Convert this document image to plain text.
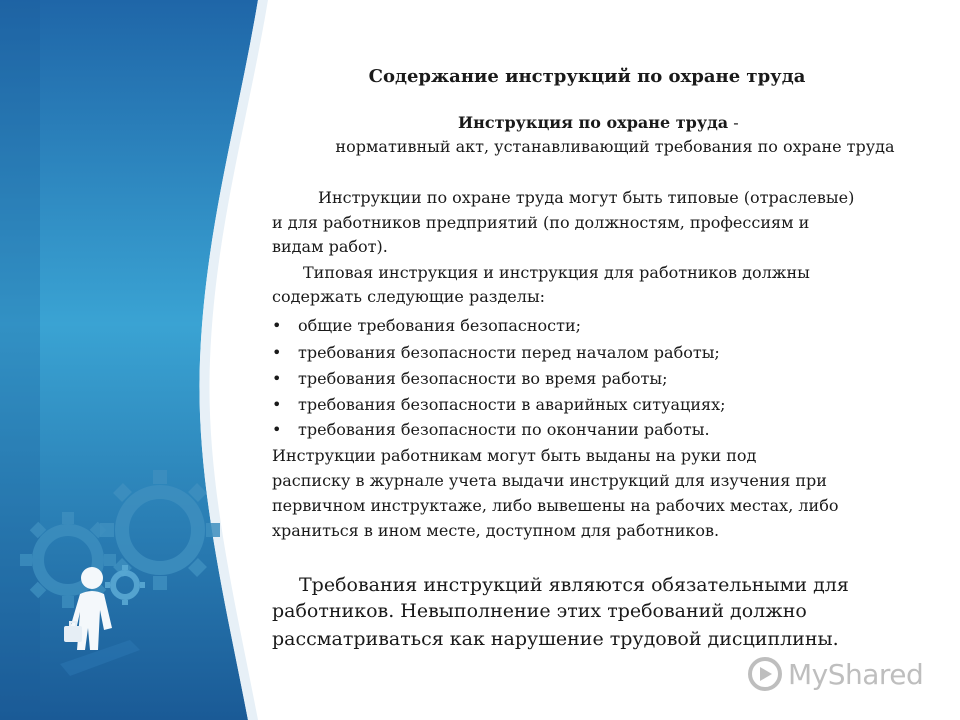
Содержание инструкций по охране труда
Инструкция по охране труда -
нормативный акт, устанавливающий требования по охране труда
Инструкции по охране труда могут быть типовые (отраслевые)
и для работников предприятий (по должностям, профессиям и
видам работ).
Типовая инструкция и инструкция для работников должны
содержать следующие разделы:
• общие требования безопасности;
• требования безопасности перед началом работы;
• требования безопасности во время работы;
• требования безопасности в аварийных ситуациях;
• требования безопасности по окончании работы.
Инструкции работникам могут быть выданы на руки под
расписку в журнале учета выдачи инструкций для изучения при
первичном инструктаже, либо вывешены на рабочих местах, либо
храниться в ином месте, доступном для работников.
Требования инструкций являются обязательными для
работников. Невыполнение этих требований должно
рассматриваться как нарушение трудовой дисциплины.
MyShared
